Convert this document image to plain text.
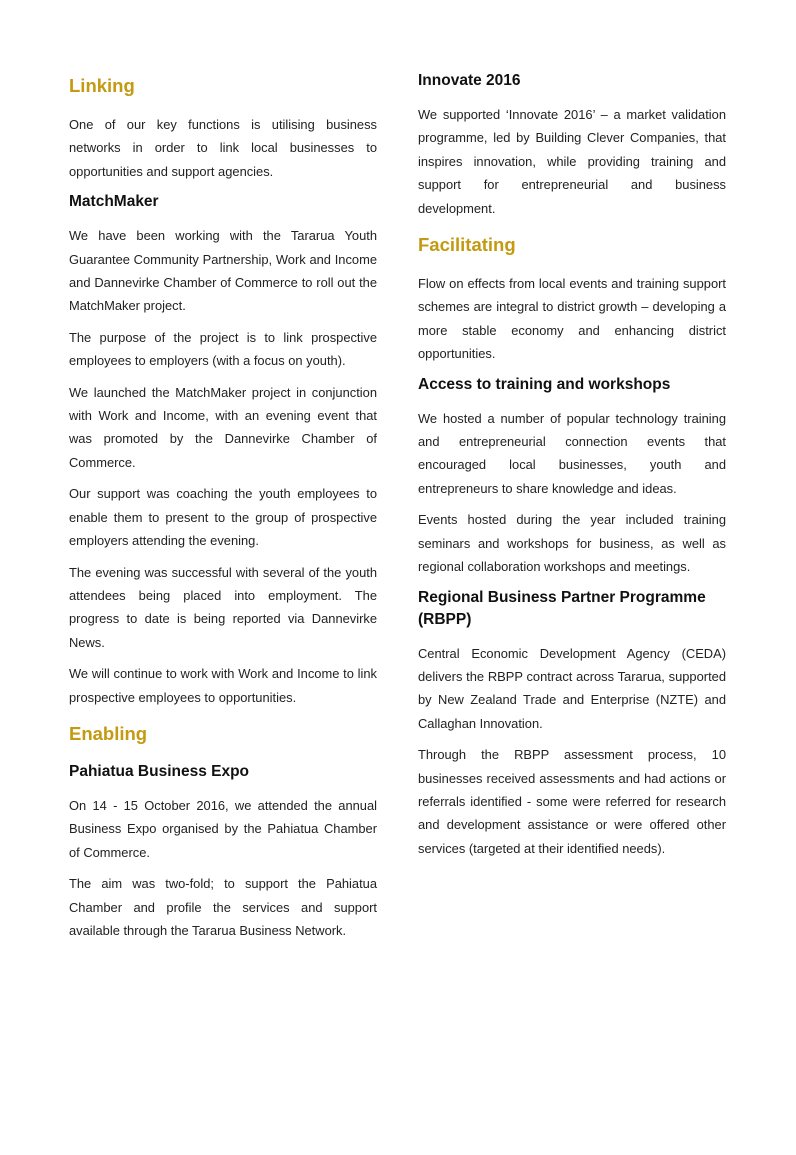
Linking

One of our key functions is utilising business networks in order to link local businesses to opportunities and support agencies.

MatchMaker

We have been working with the Tararua Youth Guarantee Community Partnership, Work and Income and Dannevirke Chamber of Commerce to roll out the MatchMaker project.

The purpose of the project is to link prospective employees to employers (with a focus on youth).

We launched the MatchMaker project in conjunction with Work and Income, with an evening event that was promoted by the Dannevirke Chamber of Commerce.

Our support was coaching the youth employees to enable them to present to the group of prospective employers attending the evening.

The evening was successful with several of the youth attendees being placed into employment. The progress to date is being reported via Dannevirke News.

We will continue to work with Work and Income to link prospective employees to opportunities.

Enabling
Pahiatua Business Expo

On 14 - 15 October 2016, we attended the annual Business Expo organised by the Pahiatua Chamber of Commerce.

The aim was two-fold; to support the Pahiatua Chamber and profile the services and support available through the Tararua Business Network.

Innovate 2016

We supported ‘Innovate 2016’ – a market validation programme, led by Building Clever Companies, that inspires innovation, while providing training and support for entrepreneurial and business development.

Facilitating

Flow on effects from local events and training support schemes are integral to district growth – developing a more stable economy and enhancing district opportunities.

Access to training and workshops

We hosted a number of popular technology training and entrepreneurial connection events that encouraged local businesses, youth and entrepreneurs to share knowledge and ideas.

Events hosted during the year included training seminars and workshops for business, as well as regional collaboration workshops and meetings.

Regional Business Partner Programme (RBPP)

Central Economic Development Agency (CEDA) delivers the RBPP contract across Tararua, supported by New Zealand Trade and Enterprise (NZTE) and Callaghan Innovation.

Through the RBPP assessment process, 10 businesses received assessments and had actions or referrals identified - some were referred for research and development assistance or were offered other services (targeted at their identified needs).
